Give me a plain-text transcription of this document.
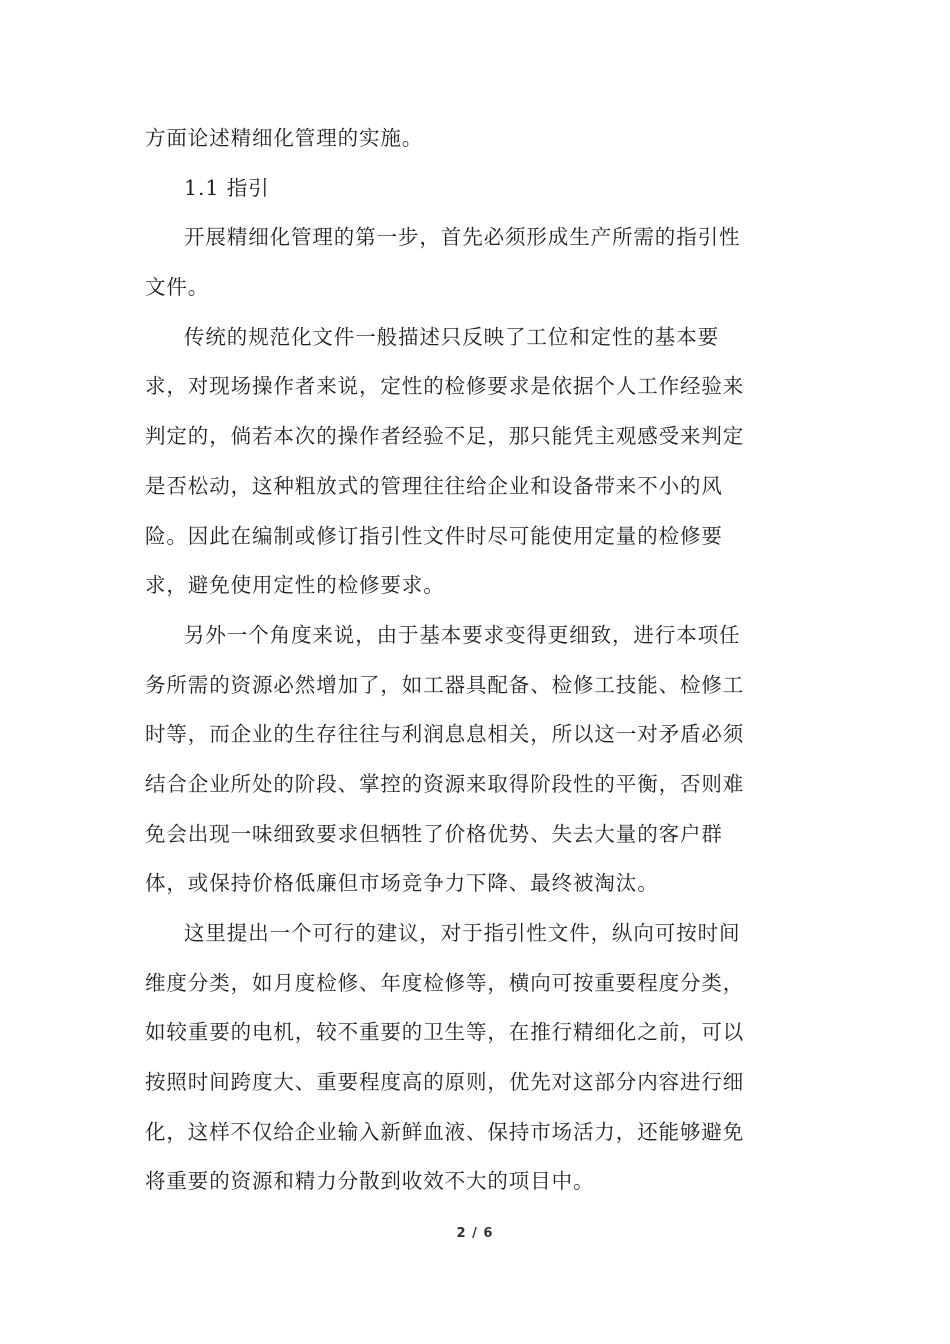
方面论述精细化管理的实施。
1.1 指引
开展精细化管理的第一步，首先必须形成生产所需的指引性
文件。
传统的规范化文件一般描述只反映了工位和定性的基本要
求，对现场操作者来说，定性的检修要求是依据个人工作经验来
判定的，倘若本次的操作者经验不足，那只能凭主观感受来判定
是否松动，这种粗放式的管理往往给企业和设备带来不小的风
险。因此在编制或修订指引性文件时尽可能使用定量的检修要
求，避免使用定性的检修要求。
另外一个角度来说，由于基本要求变得更细致，进行本项任
务所需的资源必然增加了，如工器具配备、检修工技能、检修工
时等，而企业的生存往往与利润息息相关，所以这一对矛盾必须
结合企业所处的阶段、掌控的资源来取得阶段性的平衡，否则难
免会出现一味细致要求但牺牲了价格优势、失去大量的客户群
体，或保持价格低廉但市场竞争力下降、最终被淘汰。
这里提出一个可行的建议，对于指引性文件，纵向可按时间
维度分类，如月度检修、年度检修等，横向可按重要程度分类，
如较重要的电机，较不重要的卫生等，在推行精细化之前，可以
按照时间跨度大、重要程度高的原则，优先对这部分内容进行细
化，这样不仅给企业输入新鲜血液、保持市场活力，还能够避免
将重要的资源和精力分散到收效不大的项目中。
2 / 6
